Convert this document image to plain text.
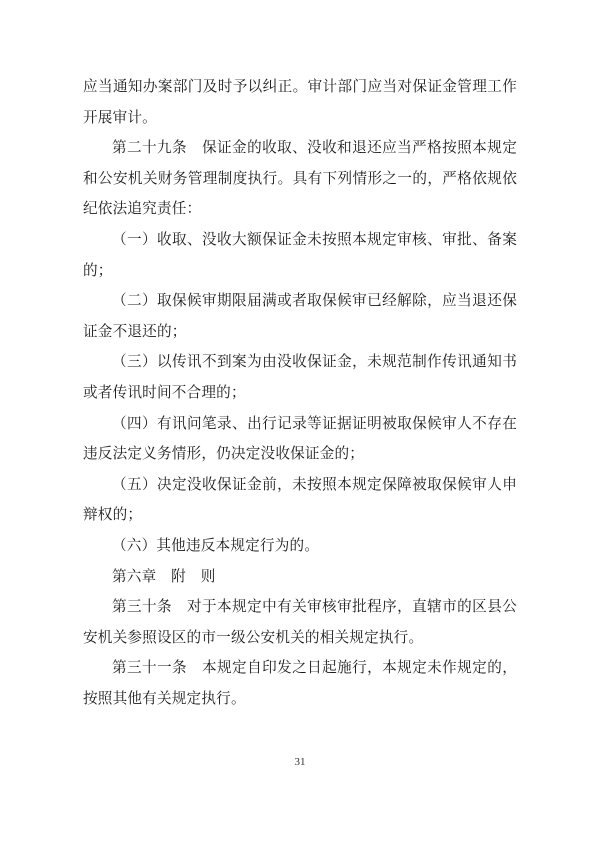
应当通知办案部门及时予以纠正。审计部门应当对保证金管理工作开展审计。

第二十九条　保证金的收取、没收和退还应当严格按照本规定和公安机关财务管理制度执行。具有下列情形之一的，严格依规依纪依法追究责任：

（一）收取、没收大额保证金未按照本规定审核、审批、备案的；

（二）取保候审期限届满或者取保候审已经解除，应当退还保证金不退还的；

（三）以传讯不到案为由没收保证金，未规范制作传讯通知书或者传讯时间不合理的；

（四）有讯问笔录、出行记录等证据证明被取保候审人不存在违反法定义务情形，仍决定没收保证金的；

（五）决定没收保证金前，未按照本规定保障被取保候审人申辩权的；

（六）其他违反本规定行为的。

第六章　附　则

第三十条　对于本规定中有关审核审批程序，直辖市的区县公安机关参照设区的市一级公安机关的相关规定执行。

第三十一条　本规定自印发之日起施行，本规定未作规定的，按照其他有关规定执行。

31
